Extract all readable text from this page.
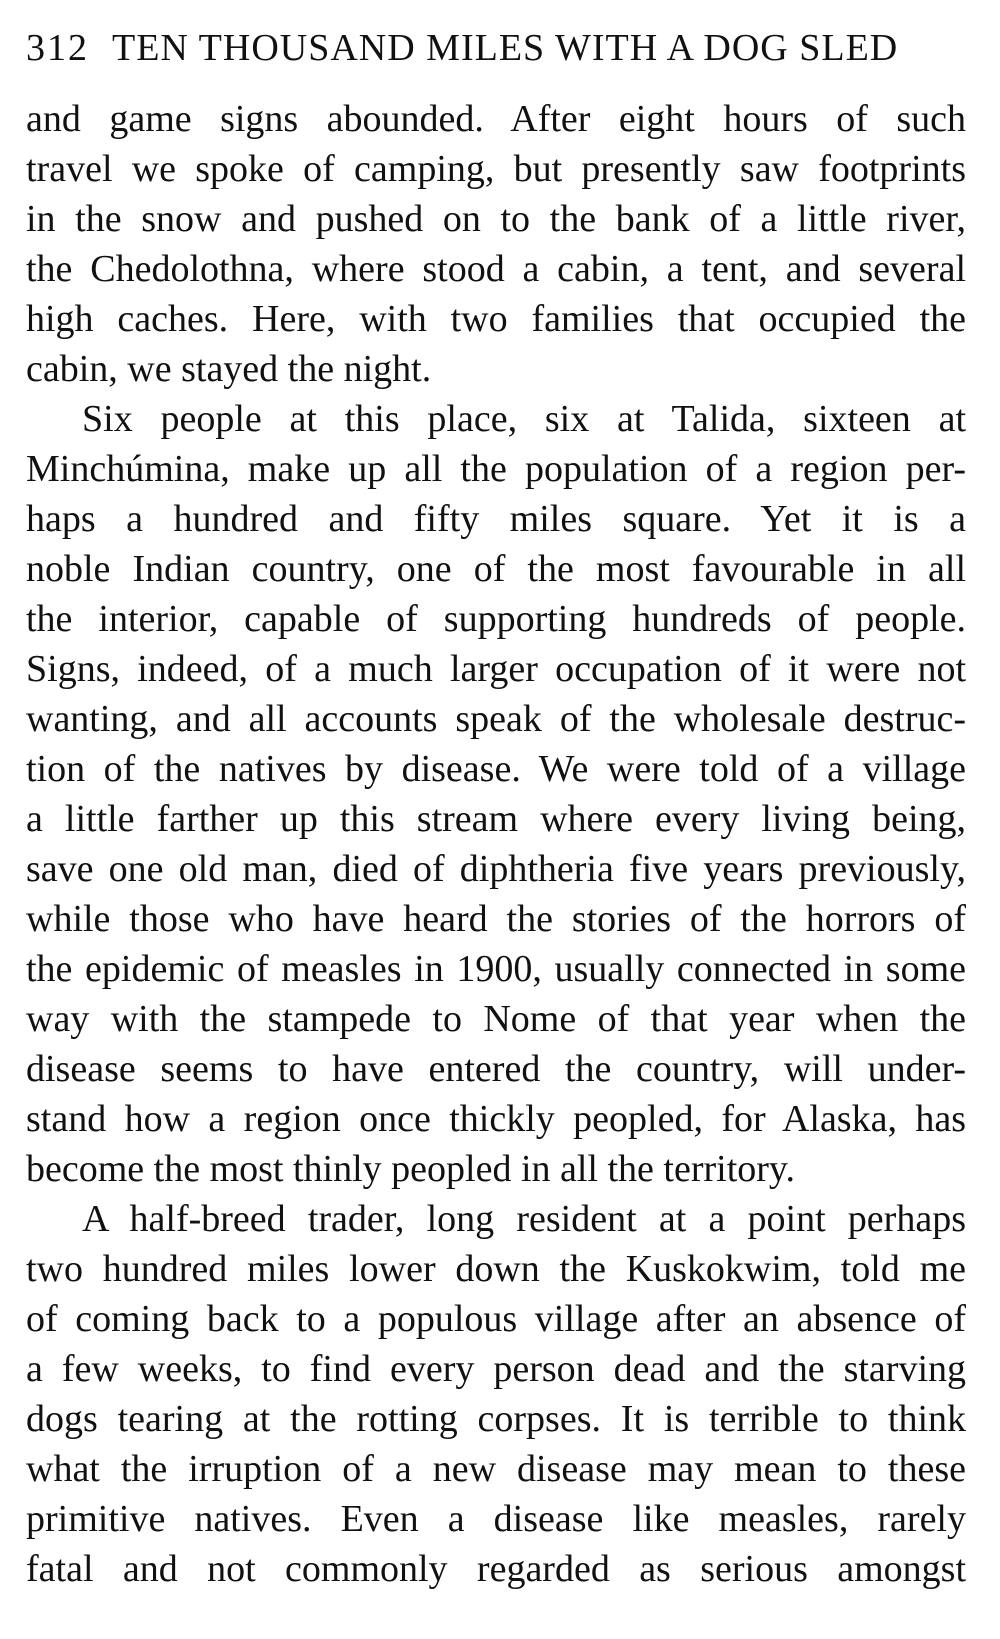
312 TEN THOUSAND MILES WITH A DOG SLED
and game signs abounded. After eight hours of such
travel we spoke of camping, but presently saw footprints
in the snow and pushed on to the bank of a little river,
the Chedolothna, where stood a cabin, a tent, and several
high caches. Here, with two families that occupied the
cabin, we stayed the night.
Six people at this place, six at Talida, sixteen at
Minchúmina, make up all the population of a region per-
haps a hundred and fifty miles square. Yet it is a
noble Indian country, one of the most favourable in all
the interior, capable of supporting hundreds of people.
Signs, indeed, of a much larger occupation of it were not
wanting, and all accounts speak of the wholesale destruc-
tion of the natives by disease. We were told of a village
a little farther up this stream where every living being,
save one old man, died of diphtheria five years previously,
while those who have heard the stories of the horrors of
the epidemic of measles in 1900, usually connected in some
way with the stampede to Nome of that year when the
disease seems to have entered the country, will under-
stand how a region once thickly peopled, for Alaska, has
become the most thinly peopled in all the territory.
A half-breed trader, long resident at a point perhaps
two hundred miles lower down the Kuskokwim, told me
of coming back to a populous village after an absence of
a few weeks, to find every person dead and the starving
dogs tearing at the rotting corpses. It is terrible to think
what the irruption of a new disease may mean to these
primitive natives. Even a disease like measles, rarely
fatal and not commonly regarded as serious amongst
